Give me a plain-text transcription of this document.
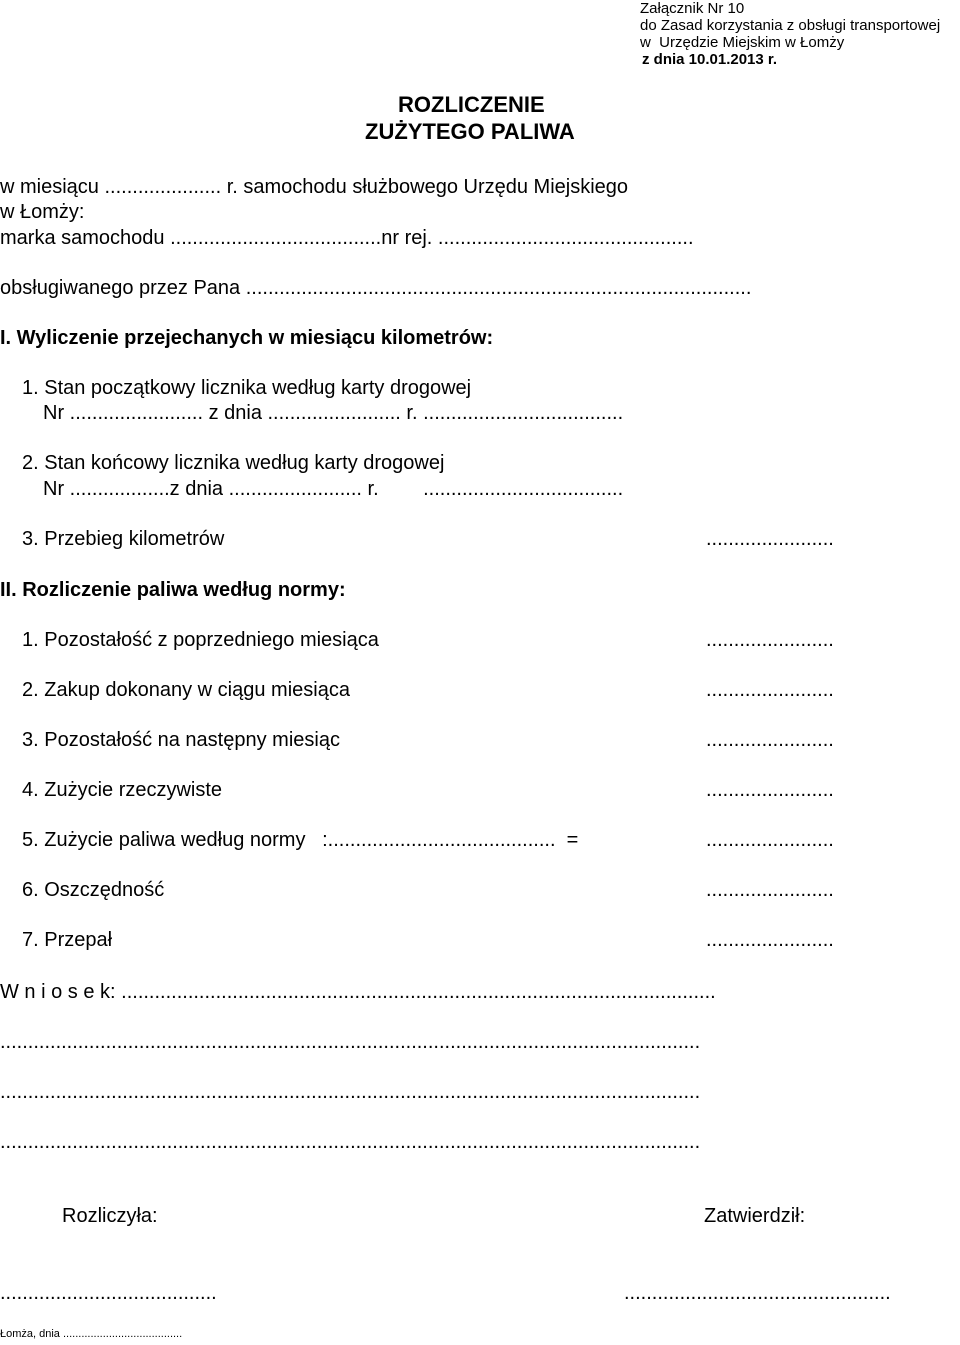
Załącznik Nr 10
do Zasad korzystania z obsługi transportowej
w  Urzędzie Miejskim w Łomży
z dnia 10.01.2013 r.
ROZLICZENIE
ZUŻYTEGO PALIWA
w miesiącu ..................... r. samochodu służbowego Urzędu Miejskiego
w Łomży:
marka samochodu ......................................nr rej. ..............................................
obsługiwanego przez Pana ...........................................................................................
I. Wyliczenie przejechanych w miesiącu kilometrów:
1. Stan początkowy licznika według karty drogowej
Nr ........................ z dnia ........................ r. ....................................
2. Stan końcowy licznika według karty drogowej
Nr ..................z dnia ........................ r.        ....................................
3. Przebieg kilometrów	.......................
II. Rozliczenie paliwa według normy:
1. Pozostałość z poprzedniego miesiąca	.......................
2. Zakup dokonany w ciągu miesiąca	.......................
3. Pozostałość na następny miesiąc	.......................
4. Zużycie rzeczywiste	.......................
5. Zużycie paliwa według normy   :.........................................  =	.......................
6. Oszczędność	.......................
7. Przepał	.......................
W n i o s e k: ...........................................................................................................
..............................................................................................................................
..............................................................................................................................
..............................................................................................................................
Rozliczyła:	Zatwierdził:
.......................................	................................................
Łomża, dnia .......................................
